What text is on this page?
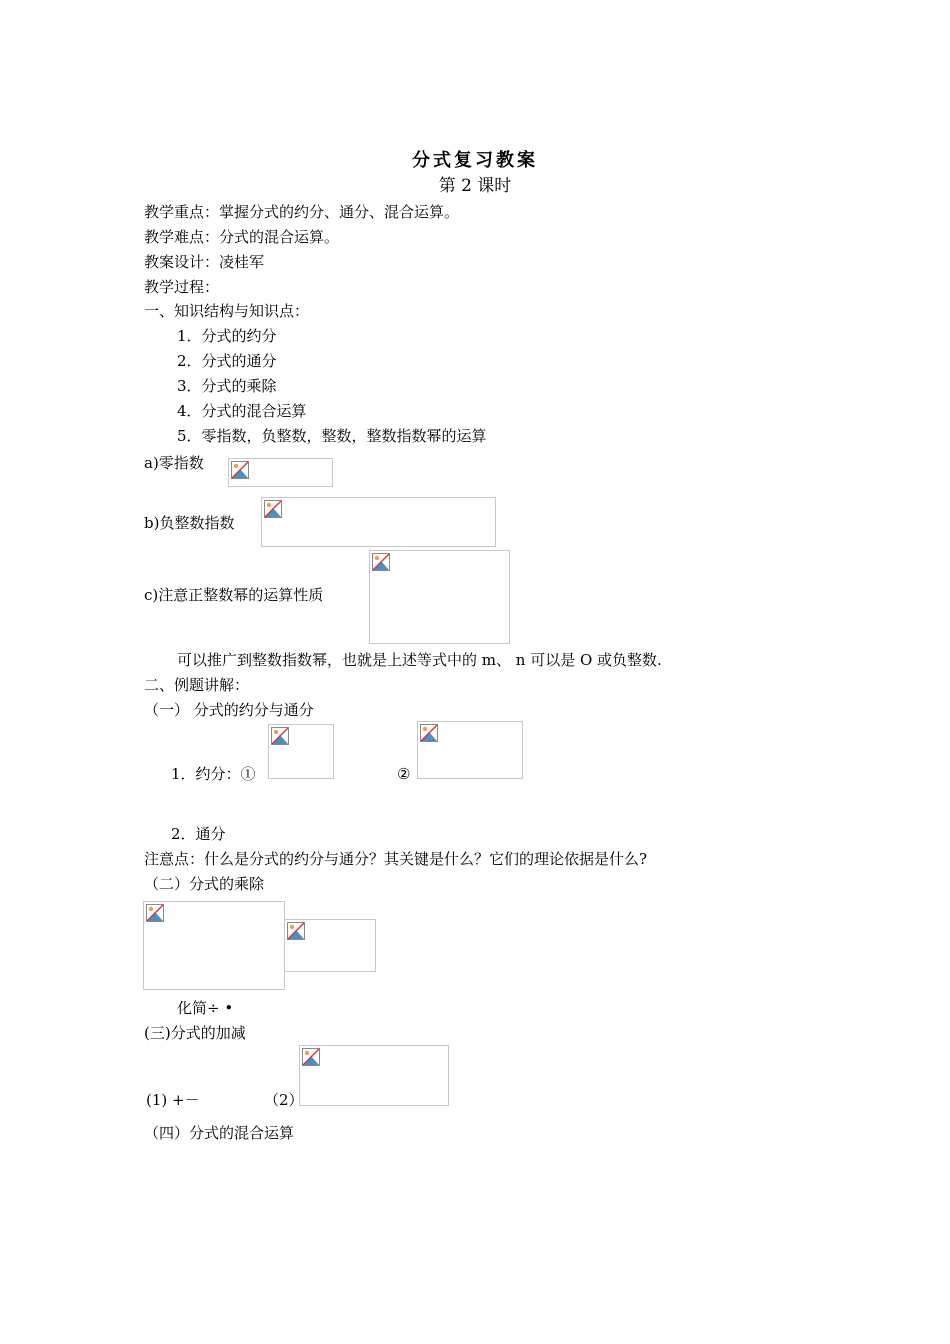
分式复习教案
第 2 课时
教学重点：掌握分式的约分、通分、混合运算。
教学难点：分式的混合运算。
教案设计：凌桂军
教学过程：
一、知识结构与知识点：
1．分式的约分
2．分式的通分
3．分式的乘除
4．分式的混合运算
5．零指数，负整数，整数，整数指数幂的运算
a)零指数
b)负整数指数
c)注意正整数幂的运算性质
可以推广到整数指数幂，也就是上述等式中的 m、 n 可以是 O 或负整数.
二、例题讲解：
（一） 分式的约分与通分
1．约分：①	②
2．通分
注意点：什么是分式的约分与通分？其关键是什么？它们的理论依据是什么?
（二）分式的乘除
化简÷ •
(三)分式的加减
(1) +－	（2）
（四）分式的混合运算
